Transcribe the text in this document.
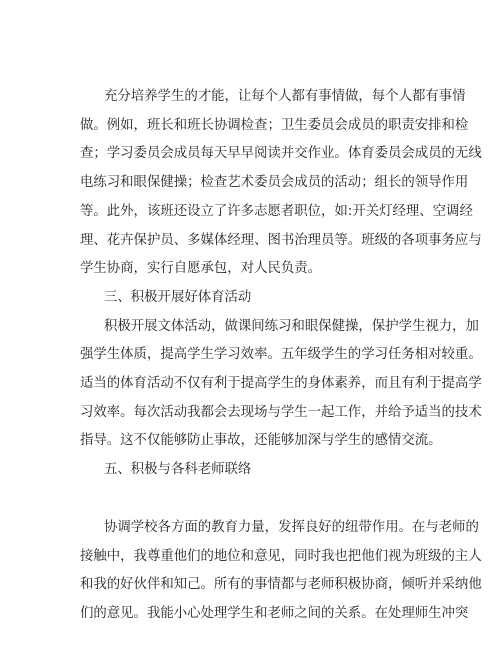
充分培养学生的才能，让每个人都有事情做，每个人都有事情
做。例如，班长和班长协调检查；卫生委员会成员的职责安排和检
查；学习委员会成员每天早早阅读并交作业。体育委员会成员的无线
电练习和眼保健操；检查艺术委员会成员的活动；组长的领导作用
等。此外，该班还设立了许多志愿者职位，如:开关灯经理、空调经
理、花卉保护员、多媒体经理、图书治理员等。班级的各项事务应与
学生协商，实行自愿承包，对人民负责。
三、积极开展好体育活动
积极开展文体活动，做课间练习和眼保健操，保护学生视力，加
强学生体质，提高学生学习效率。五年级学生的学习任务相对较重。
适当的体育活动不仅有利于提高学生的身体素养，而且有利于提高学
习效率。每次活动我都会去现场与学生一起工作，并给予适当的技术
指导。这不仅能够防止事故，还能够加深与学生的感情交流。
五、积极与各科老师联络
协调学校各方面的教育力量，发挥良好的纽带作用。在与老师的
接触中，我尊重他们的地位和意见，同时我也把他们视为班级的主人
和我的好伙伴和知己。所有的事情都与老师积极协商，倾听并采纳他
们的意见。我能小心处理学生和老师之间的关系。在处理师生冲突
